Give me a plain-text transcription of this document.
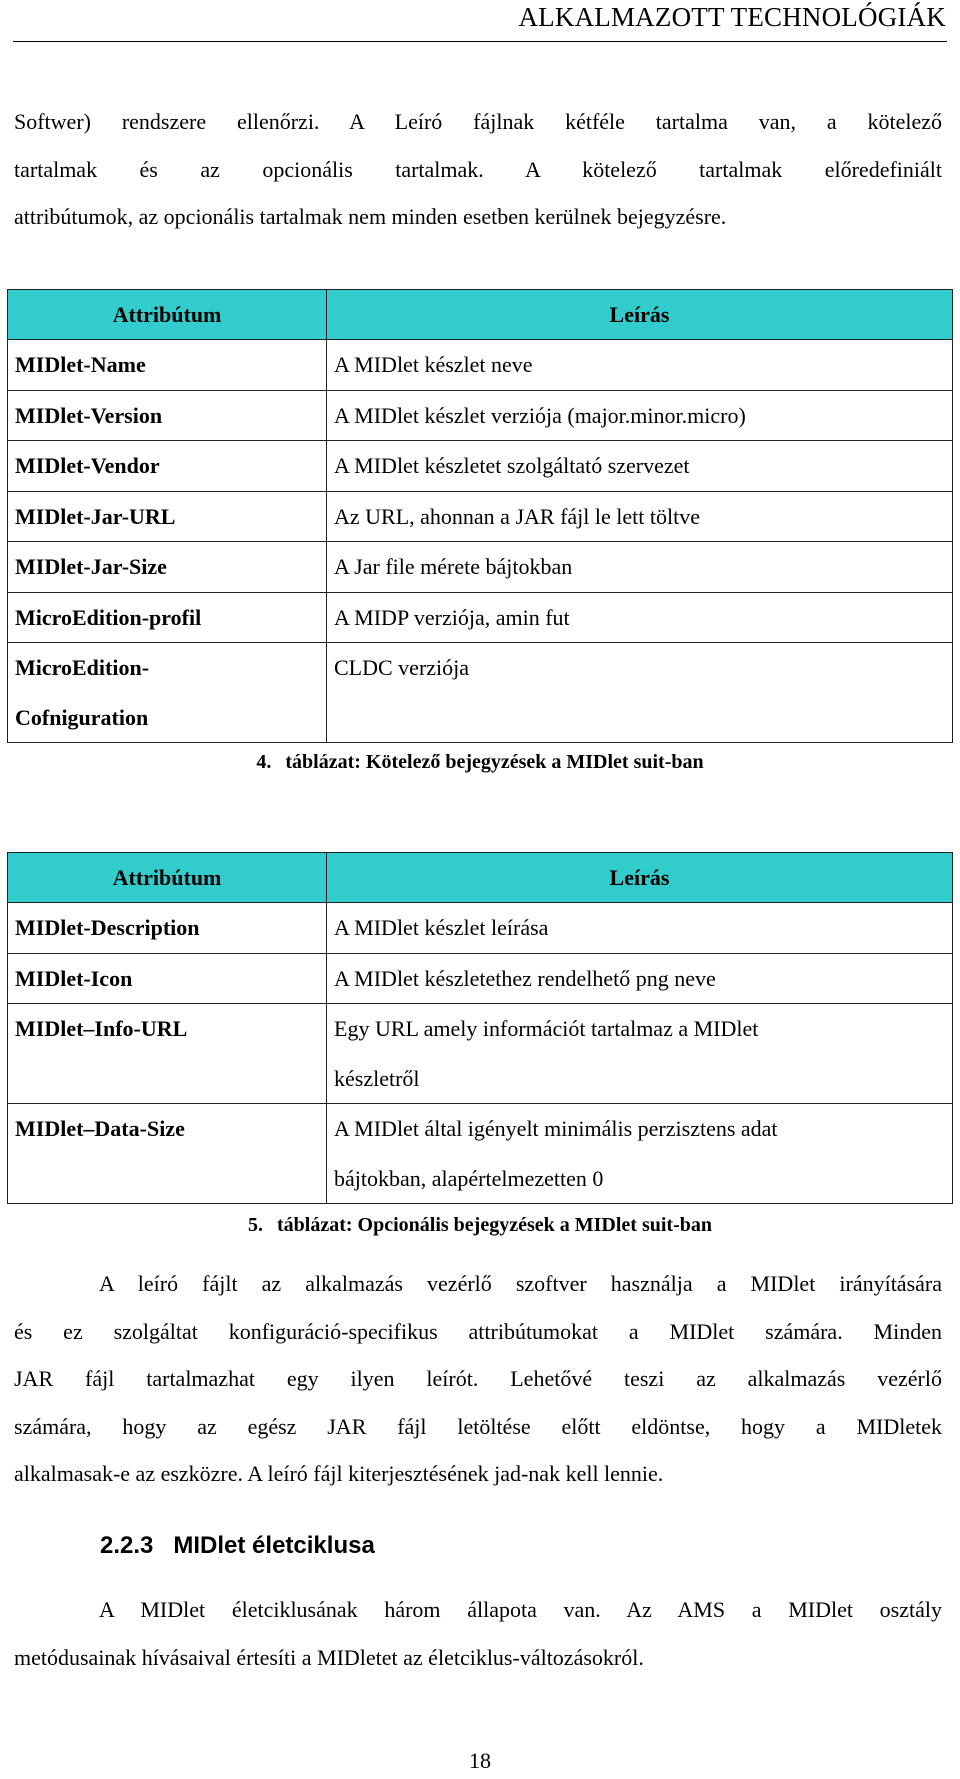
ALKALMAZOTT TECHNOLÓGIÁK
Softwer) rendszere ellenőrzi. A Leíró fájlnak kétféle tartalma van, a kötelező
tartalmak és az opcionális tartalmak. A kötelező tartalmak előredefiniált
attribútumok, az opcionális tartalmak nem minden esetben kerülnek bejegyzésre.
Attribútum	Leírás
MIDlet-Name	A MIDlet készlet neve
MIDlet-Version	A MIDlet készlet verziója (major.minor.micro)
MIDlet-Vendor	A MIDlet készletet szolgáltató szervezet
MIDlet-Jar-URL	Az URL, ahonnan a JAR fájl le lett töltve
MIDlet-Jar-Size	A Jar file mérete bájtokban
MicroEdition-profil	A MIDP verziója, amin fut
MicroEdition-
Cofniguration	CLDC verziója
4. táblázat: Kötelező bejegyzések a MIDlet suit-ban
Attribútum	Leírás
MIDlet-Description	A MIDlet készlet leírása
MIDlet-Icon	A MIDlet készletethez rendelhető png neve
MIDlet–Info-URL	Egy URL amely információt tartalmaz a MIDlet
készletről
MIDlet–Data-Size	A MIDlet által igényelt minimális perzisztens adat
bájtokban, alapértelmezetten 0
5. táblázat: Opcionális bejegyzések a MIDlet suit-ban
A leíró fájlt az alkalmazás vezérlő szoftver használja a MIDlet irányítására
és ez szolgáltat konfiguráció-specifikus attribútumokat a MIDlet számára. Minden
JAR fájl tartalmazhat egy ilyen leírót. Lehetővé teszi az alkalmazás vezérlő
számára, hogy az egész JAR fájl letöltése előtt eldöntse, hogy a MIDletek
alkalmasak-e az eszközre. A leíró fájl kiterjesztésének jad-nak kell lennie.
2.2.3 MIDlet életciklusa
A MIDlet életciklusának három állapota van. Az AMS a MIDlet osztály
metódusainak hívásaival értesíti a MIDletet az életciklus-változásokról.
18
